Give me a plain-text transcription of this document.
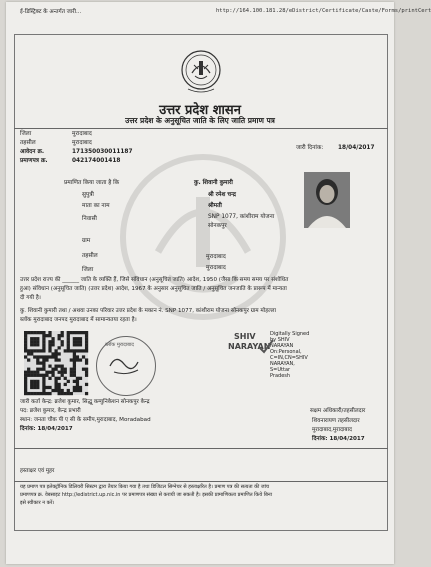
ई-डिस्ट्रिक्ट के अन्तर्गत जारी...	http://164.100.181.28/eDistrict/Certificate/Caste/Forms/printCert
उत्तर प्रदेश शासन
उत्तर प्रदेश के अनुसूचित जाति के लिए जाति प्रमाण पत्र
जिला	मुरादाबाद
तहसील	मुरादाबाद
आवेदन क्र.	171350030011187
प्रमाणपत्र क्र.	042174001418
जारी दिनांक:	18/04/2017
प्रमाणित किया जाता है कि	कु. शिवानी कुमारी
सुपुत्री	श्री रमेश चन्द्र
माता का नाम	श्रीमती
निवासी	SNP 1077, कांशीराम योजना
सोनकपुर
ग्राम
तहसील	मुरादाबाद
जिला	मुरादाबाद
उत्तर प्रदेश राज्य की ______ जाति के व्यक्ति हैं, जिसे संविधान (अनुसूचित जाति) आदेश, 1950 (जैसा कि समय समय पर संशोधित
हुआ) संविधान (अनुसूचित जाति) (उत्तर प्रदेश) आदेश, 1967 के अनुसार अनुसूचित जाति / अनुसूचित जनजाति के प्रारूप में मान्यता
दी गयी है।
कु. शिवानी कुमारी तथा / अथवा उनका परिवार उत्तर प्रदेश के मकान नं. SNP 1077, कांशीराम योजना सोनकपुर ग्राम मोहल्ला
ब्लॉक मुरादाबाद जनपद मुरादाबाद में सामान्यतया रहता है।
ब्लॉक मुरादाबाद
SHIV
NARAYAN
Digitally Signed
by SHIV
NARAYAN
On:Personal,
C=IN,CN=SHIV
NARAYAN,
S=Uttar
Pradesh
जारी कर्ता केन्द्र: ब्रजेश कुमार, सिद्धू कम्युनिकेशन सोनकपुर केन्द्र
पद: ब्रजेश कुमार, केन्द्र प्रभारी
स्थान: जनता चौक पी ए सी के समीप,मुरादाबाद, Moradabad
दिनांक: 18/04/2017
सक्षम अधिकारी/तहसीलदार
शिवनारायण तहसीलदार
मुरादाबाद,मुरादाबाद
दिनांक: 18/04/2017
हस्ताक्षर एवं मुहर
यह प्रमाण पत्र इलेक्ट्रॉनिक डिलिवरी सिस्टम द्वारा तैयार किया गया है तथा डिजिटल सिग्नेचर से हस्ताक्षरित है। प्रमाण पत्र की सत्यता की जांच
प्रमाणपत्र क्र. वेबसाइट http://edistrict.up.nic.in पर प्रमाणपत्र संख्या से करायी जा सकती है। इसकी प्रामाणिकता प्रमाणित किये बिना
इसे स्वीकार न करें।
